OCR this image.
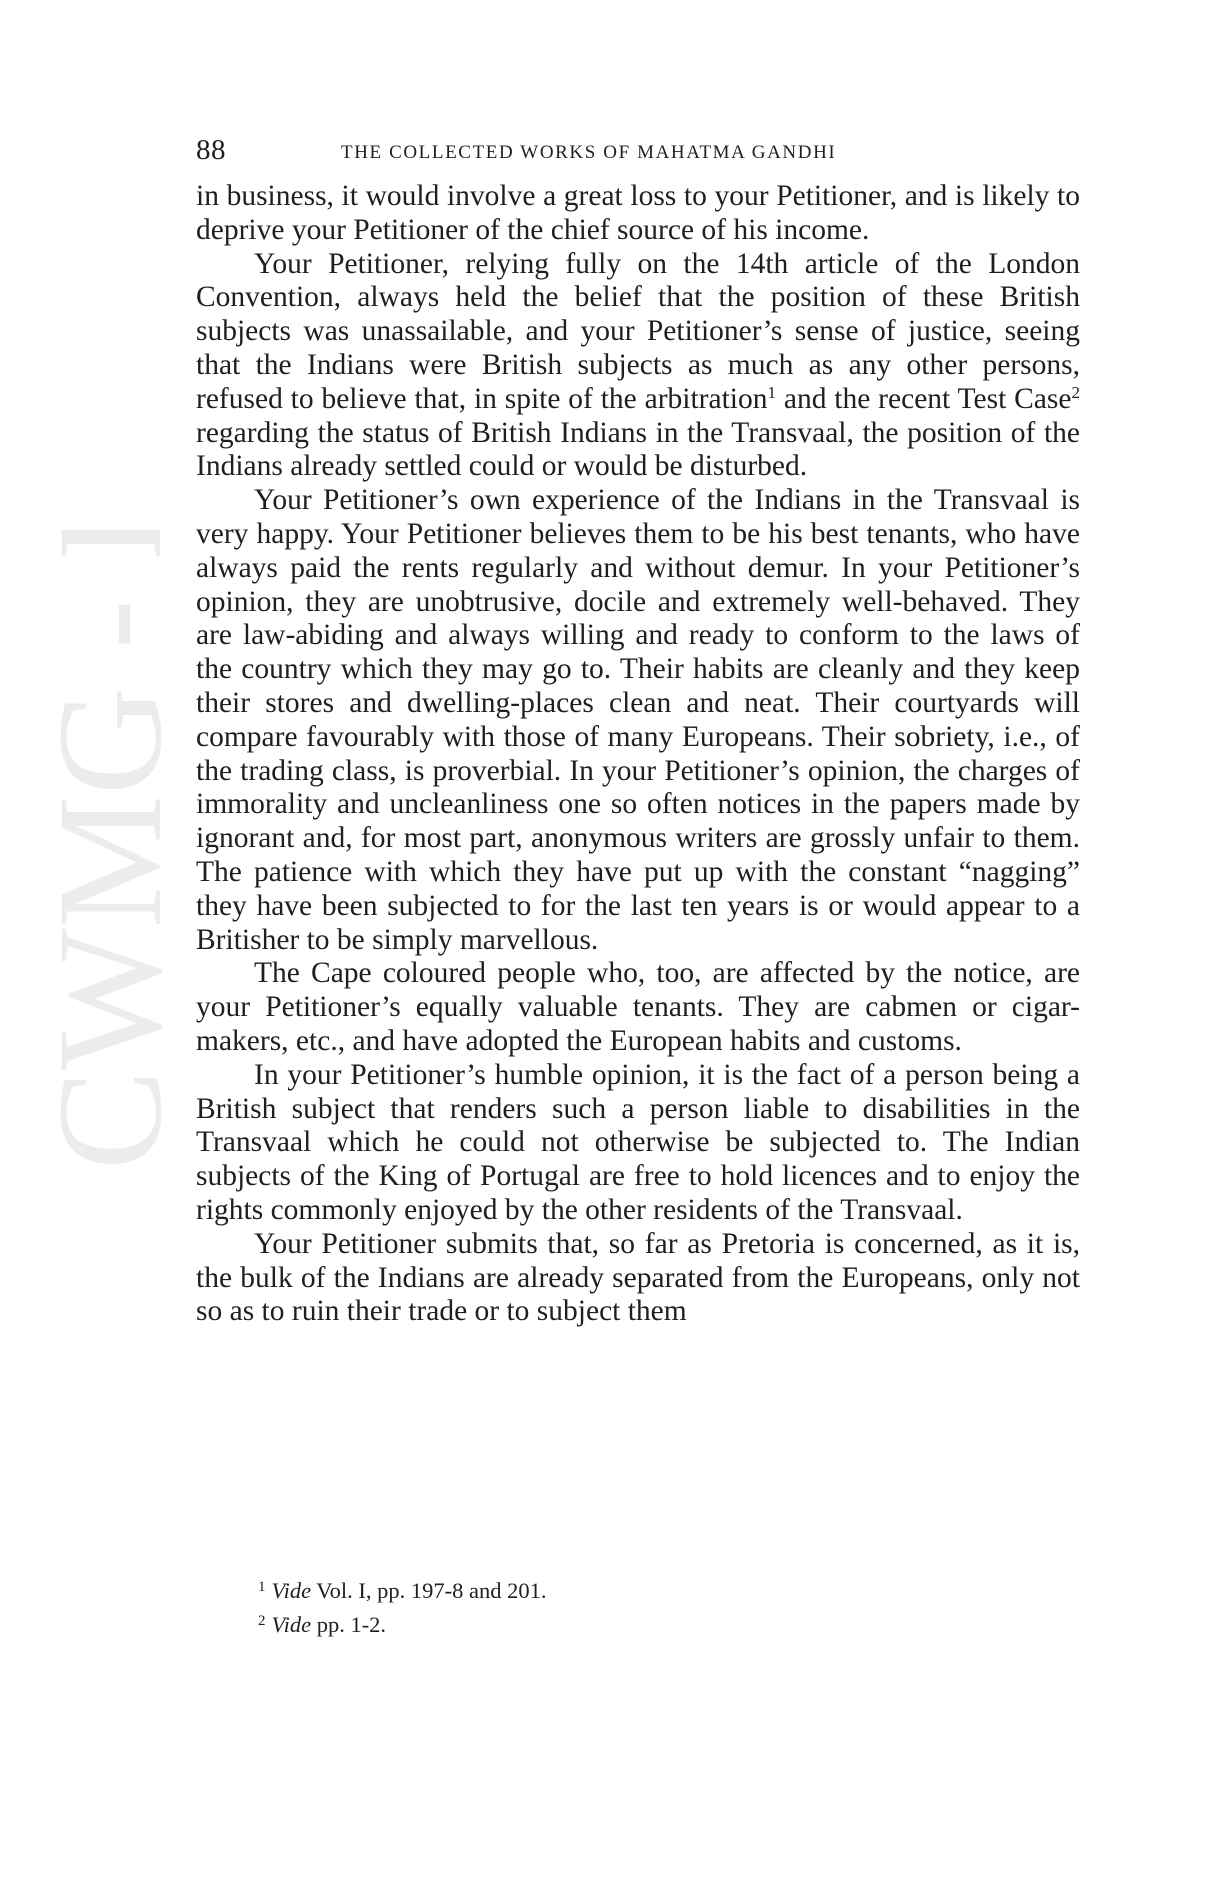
CWMG - III
88	THE COLLECTED WORKS OF MAHATMA GANDHI

in business, it would involve a great loss to your Petitioner, and is likely to deprive your Petitioner of the chief source of his income.

Your Petitioner, relying fully on the 14th article of the London Convention, always held the belief that the position of these British subjects was unassailable, and your Petitioner’s sense of justice, seeing that the Indians were British subjects as much as any other persons, refused to believe that, in spite of the arbitration$^1$ and the recent Test Case$^2$ regarding the status of British Indians in the Transvaal, the position of the Indians already settled could or would be disturbed.

Your Petitioner’s own experience of the Indians in the Transvaal is very happy. Your Petitioner believes them to be his best tenants, who have always paid the rents regularly and without demur. In your Petitioner’s opinion, they are unobtrusive, docile and extremely well-behaved. They are law-abiding and always willing and ready to conform to the laws of the country which they may go to. Their habits are cleanly and they keep their stores and dwelling-places clean and neat. Their courtyards will compare favourably with those of many Europeans. Their sobriety, i.e., of the trading class, is proverbial. In your Petitioner’s opinion, the charges of immorality and uncleanliness one so often notices in the papers made by ignorant and, for most part, anonymous writers are grossly unfair to them. The patience with which they have put up with the constant “nagging” they have been subjected to for the last ten years is or would appear to a Britisher to be simply marvellous.

The Cape coloured people who, too, are affected by the notice, are your Petitioner’s equally valuable tenants. They are cabmen or cigar-makers, etc., and have adopted the European habits and customs.

In your Petitioner’s humble opinion, it is the fact of a person being a British subject that renders such a person liable to disabilities in the Transvaal which he could not otherwise be subjected to. The Indian subjects of the King of Portugal are free to hold licences and to enjoy the rights commonly enjoyed by the other residents of the Transvaal.

Your Petitioner submits that, so far as Pretoria is concerned, as it is, the bulk of the Indians are already separated from the Europeans, only not so as to ruin their trade or to subject them

$^1$ Vide Vol. I, pp. 197-8 and 201.

$^2$ Vide pp. 1-2.
